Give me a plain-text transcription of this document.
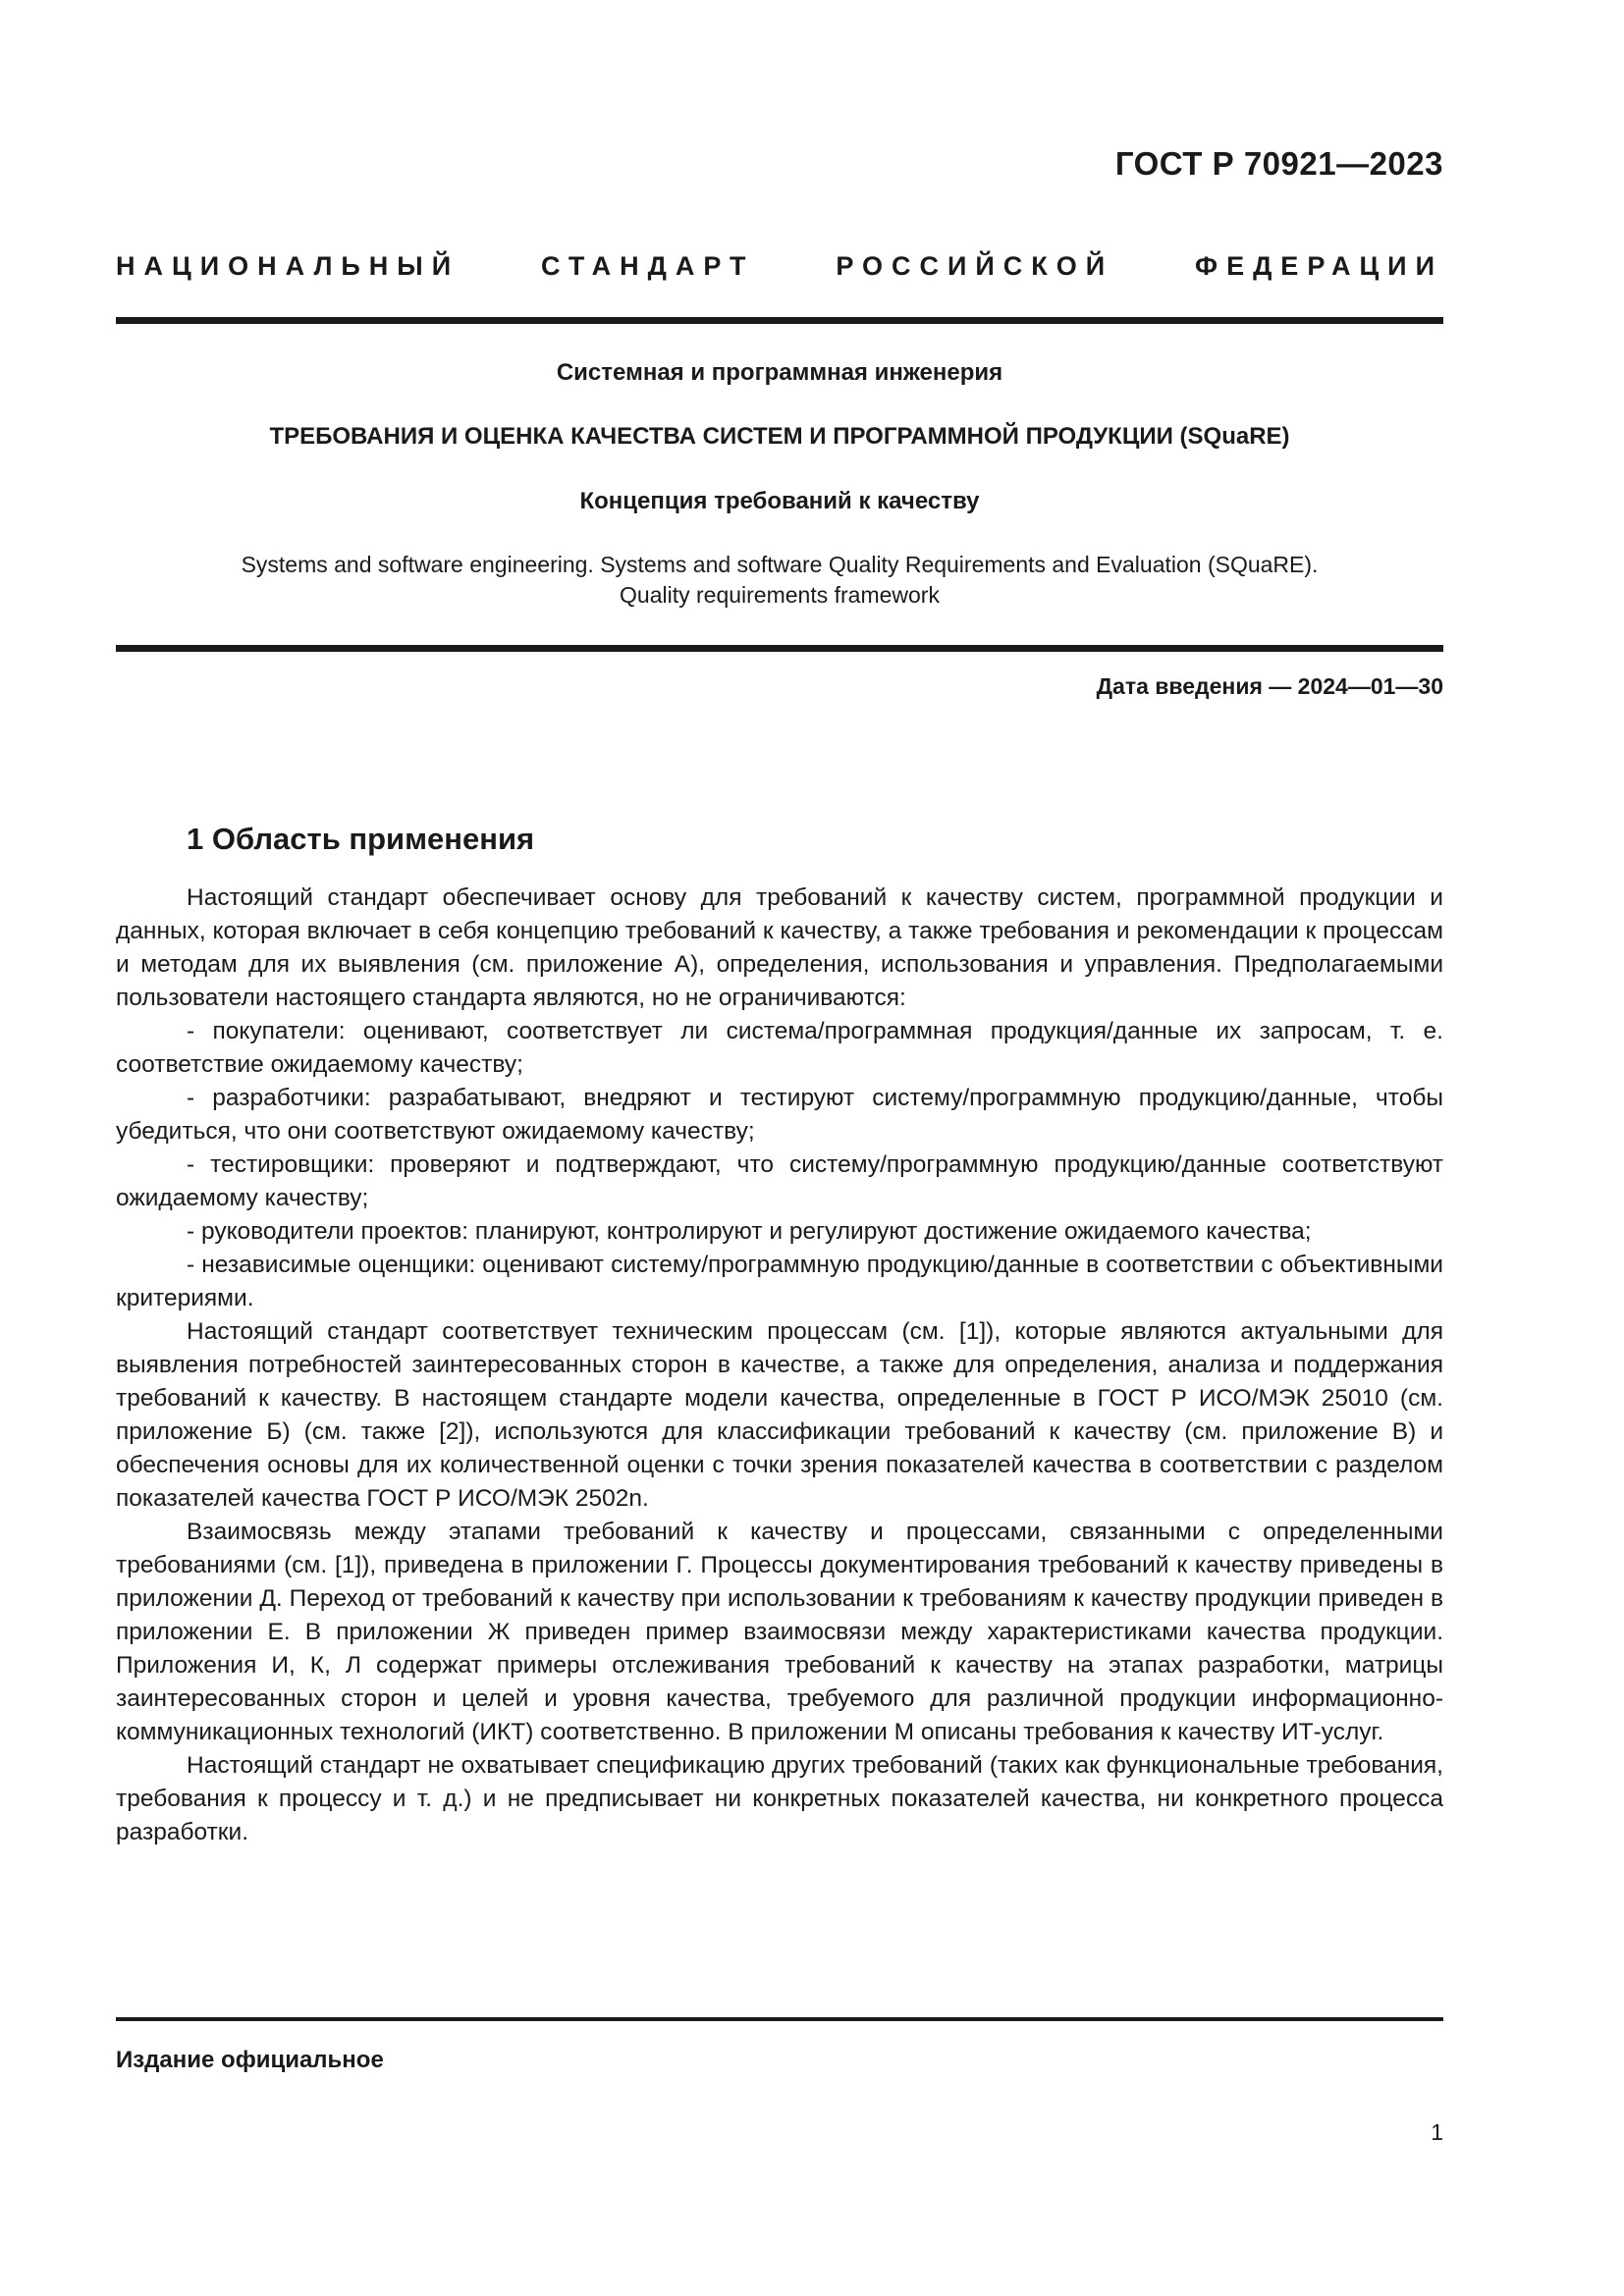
ГОСТ Р 70921—2023
НАЦИОНАЛЬНЫЙ СТАНДАРТ РОССИЙСКОЙ ФЕДЕРАЦИИ
Системная и программная инженерия
ТРЕБОВАНИЯ И ОЦЕНКА КАЧЕСТВА СИСТЕМ И ПРОГРАММНОЙ ПРОДУКЦИИ (SQuaRE)
Концепция требований к качеству
Systems and software engineering. Systems and software Quality Requirements and Evaluation (SQuaRE).
Quality requirements framework
Дата введения — 2024—01—30
1 Область применения

Настоящий стандарт обеспечивает основу для требований к качеству систем, программной продукции и данных, которая включает в себя концепцию требований к качеству, а также требования и рекомендации к процессам и методам для их выявления (см. приложение А), определения, использования и управления. Предполагаемыми пользователи настоящего стандарта являются, но не ограничиваются:

- покупатели: оценивают, соответствует ли система/программная продукция/данные их запросам, т. е. соответствие ожидаемому качеству;

- разработчики: разрабатывают, внедряют и тестируют систему/программную продукцию/данные, чтобы убедиться, что они соответствуют ожидаемому качеству;

- тестировщики: проверяют и подтверждают, что систему/программную продукцию/данные соответствуют ожидаемому качеству;

- руководители проектов: планируют, контролируют и регулируют достижение ожидаемого качества;

- независимые оценщики: оценивают систему/программную продукцию/данные в соответствии с объективными критериями.

Настоящий стандарт соответствует техническим процессам (см. [1]), которые являются актуальными для выявления потребностей заинтересованных сторон в качестве, а также для определения, анализа и поддержания требований к качеству. В настоящем стандарте модели качества, определенные в ГОСТ Р ИСО/МЭК 25010 (см. приложение Б) (см. также [2]), используются для классификации требований к качеству (см. приложение В) и обеспечения основы для их количественной оценки с точки зрения показателей качества в соответствии с разделом показателей качества ГОСТ Р ИСО/МЭК 2502n.

Взаимосвязь между этапами требований к качеству и процессами, связанными с определенными требованиями (см. [1]), приведена в приложении Г. Процессы документирования требований к качеству приведены в приложении Д. Переход от требований к качеству при использовании к требованиям к качеству продукции приведен в приложении Е. В приложении Ж приведен пример взаимосвязи между характеристиками качества продукции. Приложения И, К, Л содержат примеры отслеживания требований к качеству на этапах разработки, матрицы заинтересованных сторон и целей и уровня качества, требуемого для различной продукции информационно-коммуникационных технологий (ИКТ) соответственно. В приложении М описаны требования к качеству ИТ-услуг.

Настоящий стандарт не охватывает спецификацию других требований (таких как функциональные требования, требования к процессу и т. д.) и не предписывает ни конкретных показателей качества, ни конкретного процесса разработки.

Издание официальное
1
